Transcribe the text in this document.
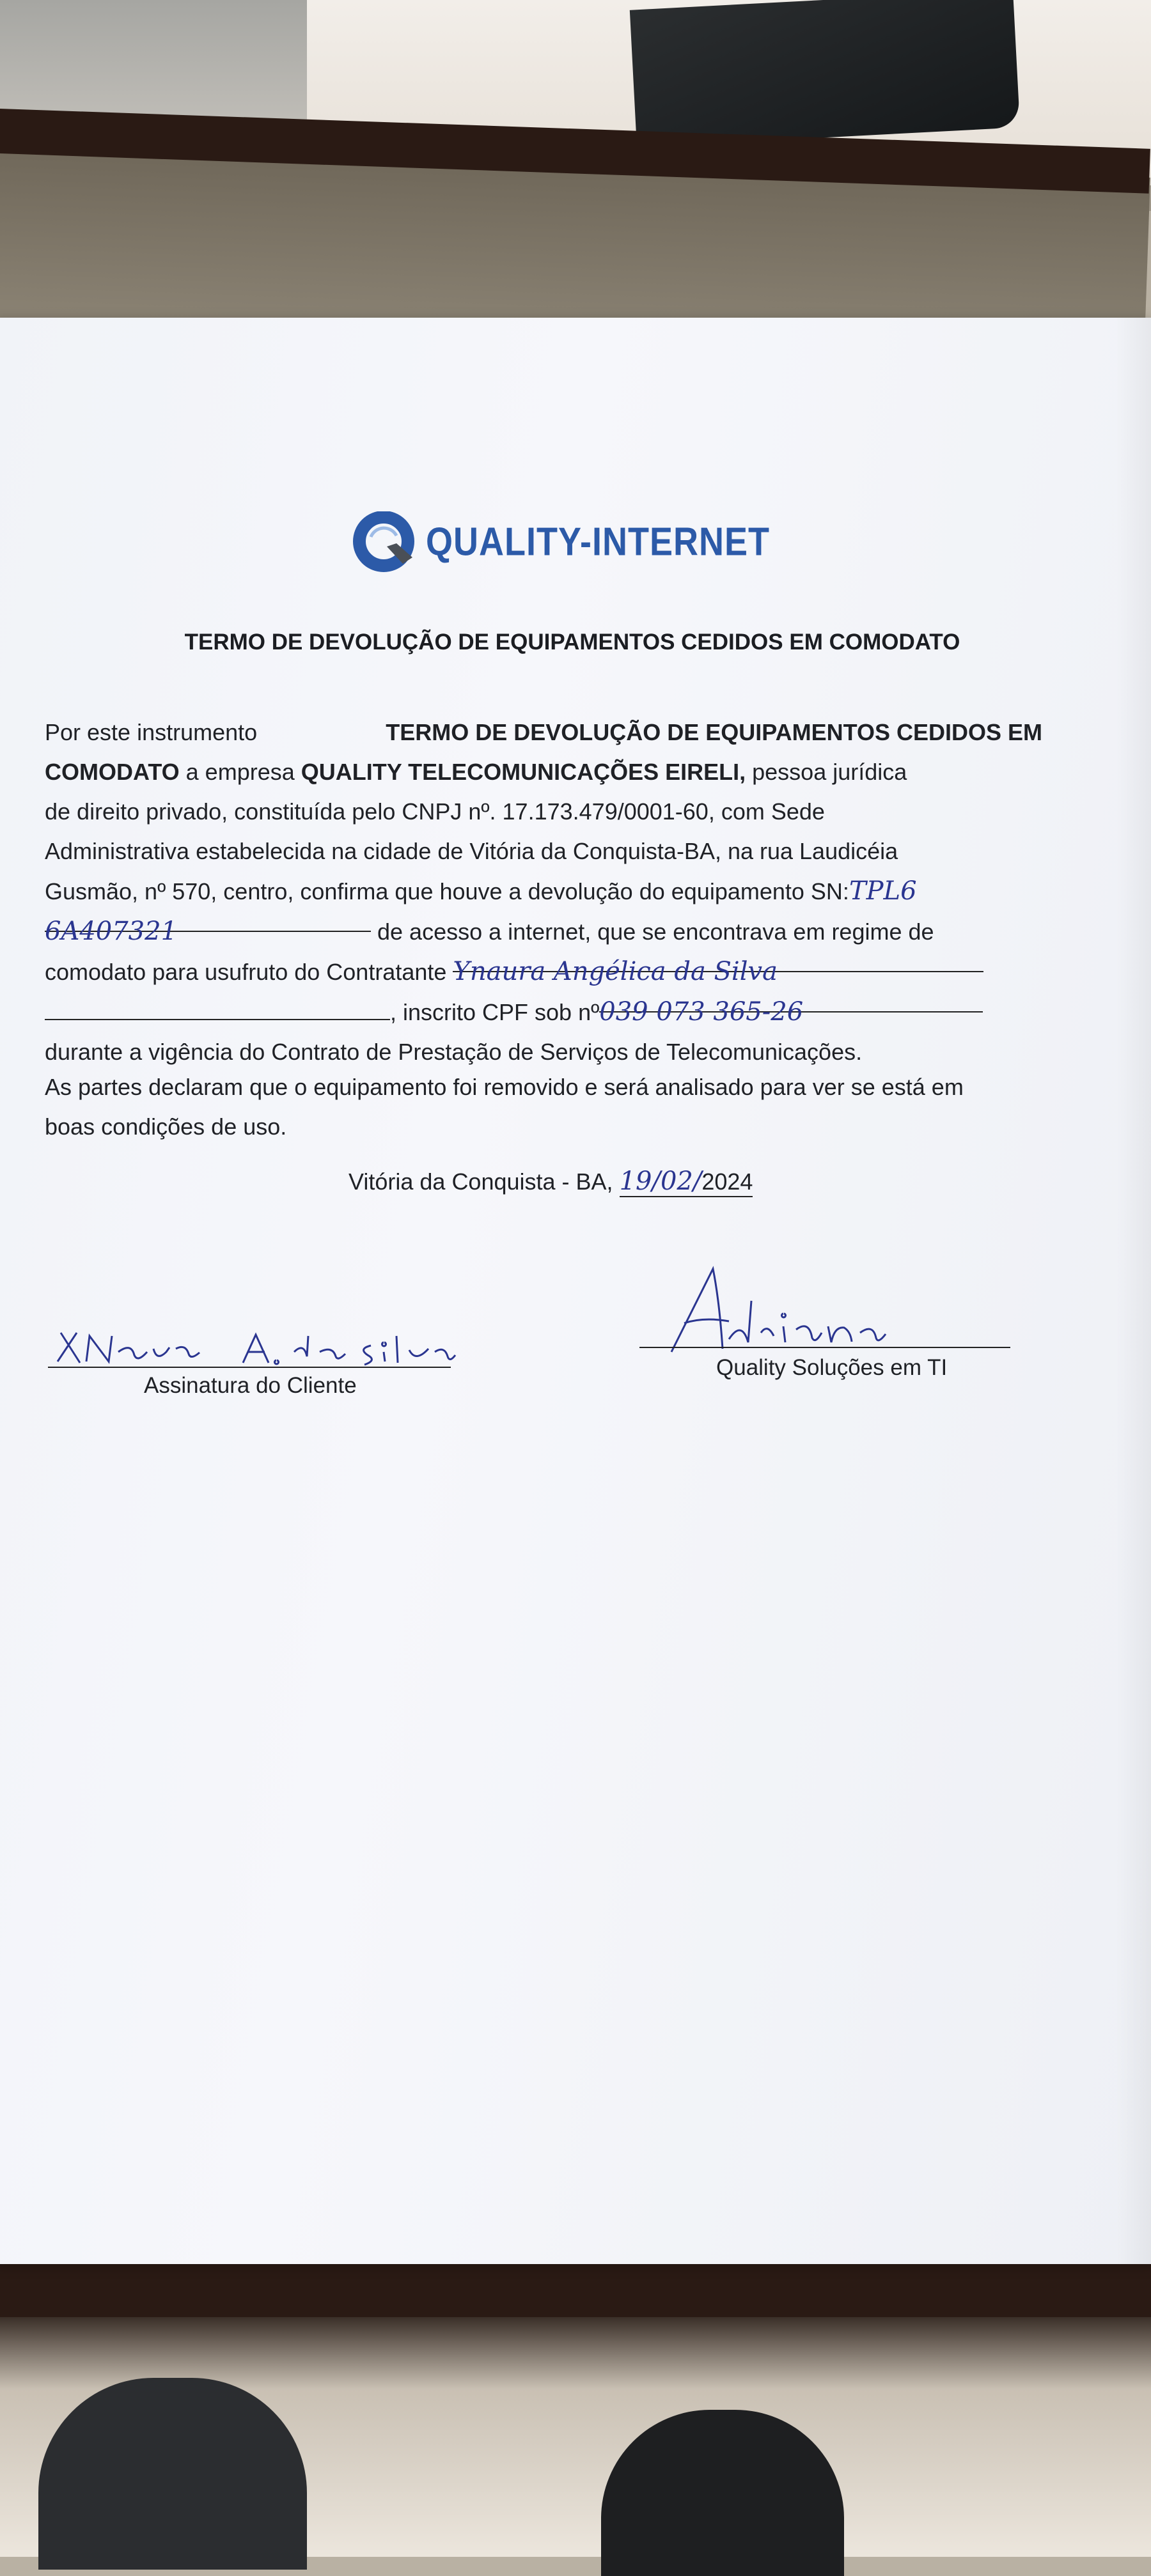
QUALITY-INTERNET
TERMO DE DEVOLUÇÃO DE EQUIPAMENTOS CEDIDOS EM COMODATO
Por este instrumento	TERMO DE DEVOLUÇÃO DE EQUIPAMENTOS CEDIDOS EM
COMODATO a empresa QUALITY TELECOMUNICAÇÕES EIRELI, pessoa jurídica
de direito privado, constituída pelo CNPJ nº. 17.173.479/0001-60, com Sede
Administrativa estabelecida na cidade de Vitória da Conquista-BA, na rua Laudicéia
Gusmão, nº 570, centro, confirma que houve a devolução do equipamento SN:TPL6
6A407321	de acesso a internet, que se encontrava em regime de
comodato para usufruto do Contratante Ynaura Angélica da Silva
, inscrito CPF sob nº039 073 365-26
durante a vigência do Contrato de Prestação de Serviços de Telecomunicações.
As partes declaram que o equipamento foi removido e será analisado para ver se está em
boas condições de uso.
Vitória da Conquista - BA, 19/02/2024
Assinatura do Cliente
Quality Soluções em TI
